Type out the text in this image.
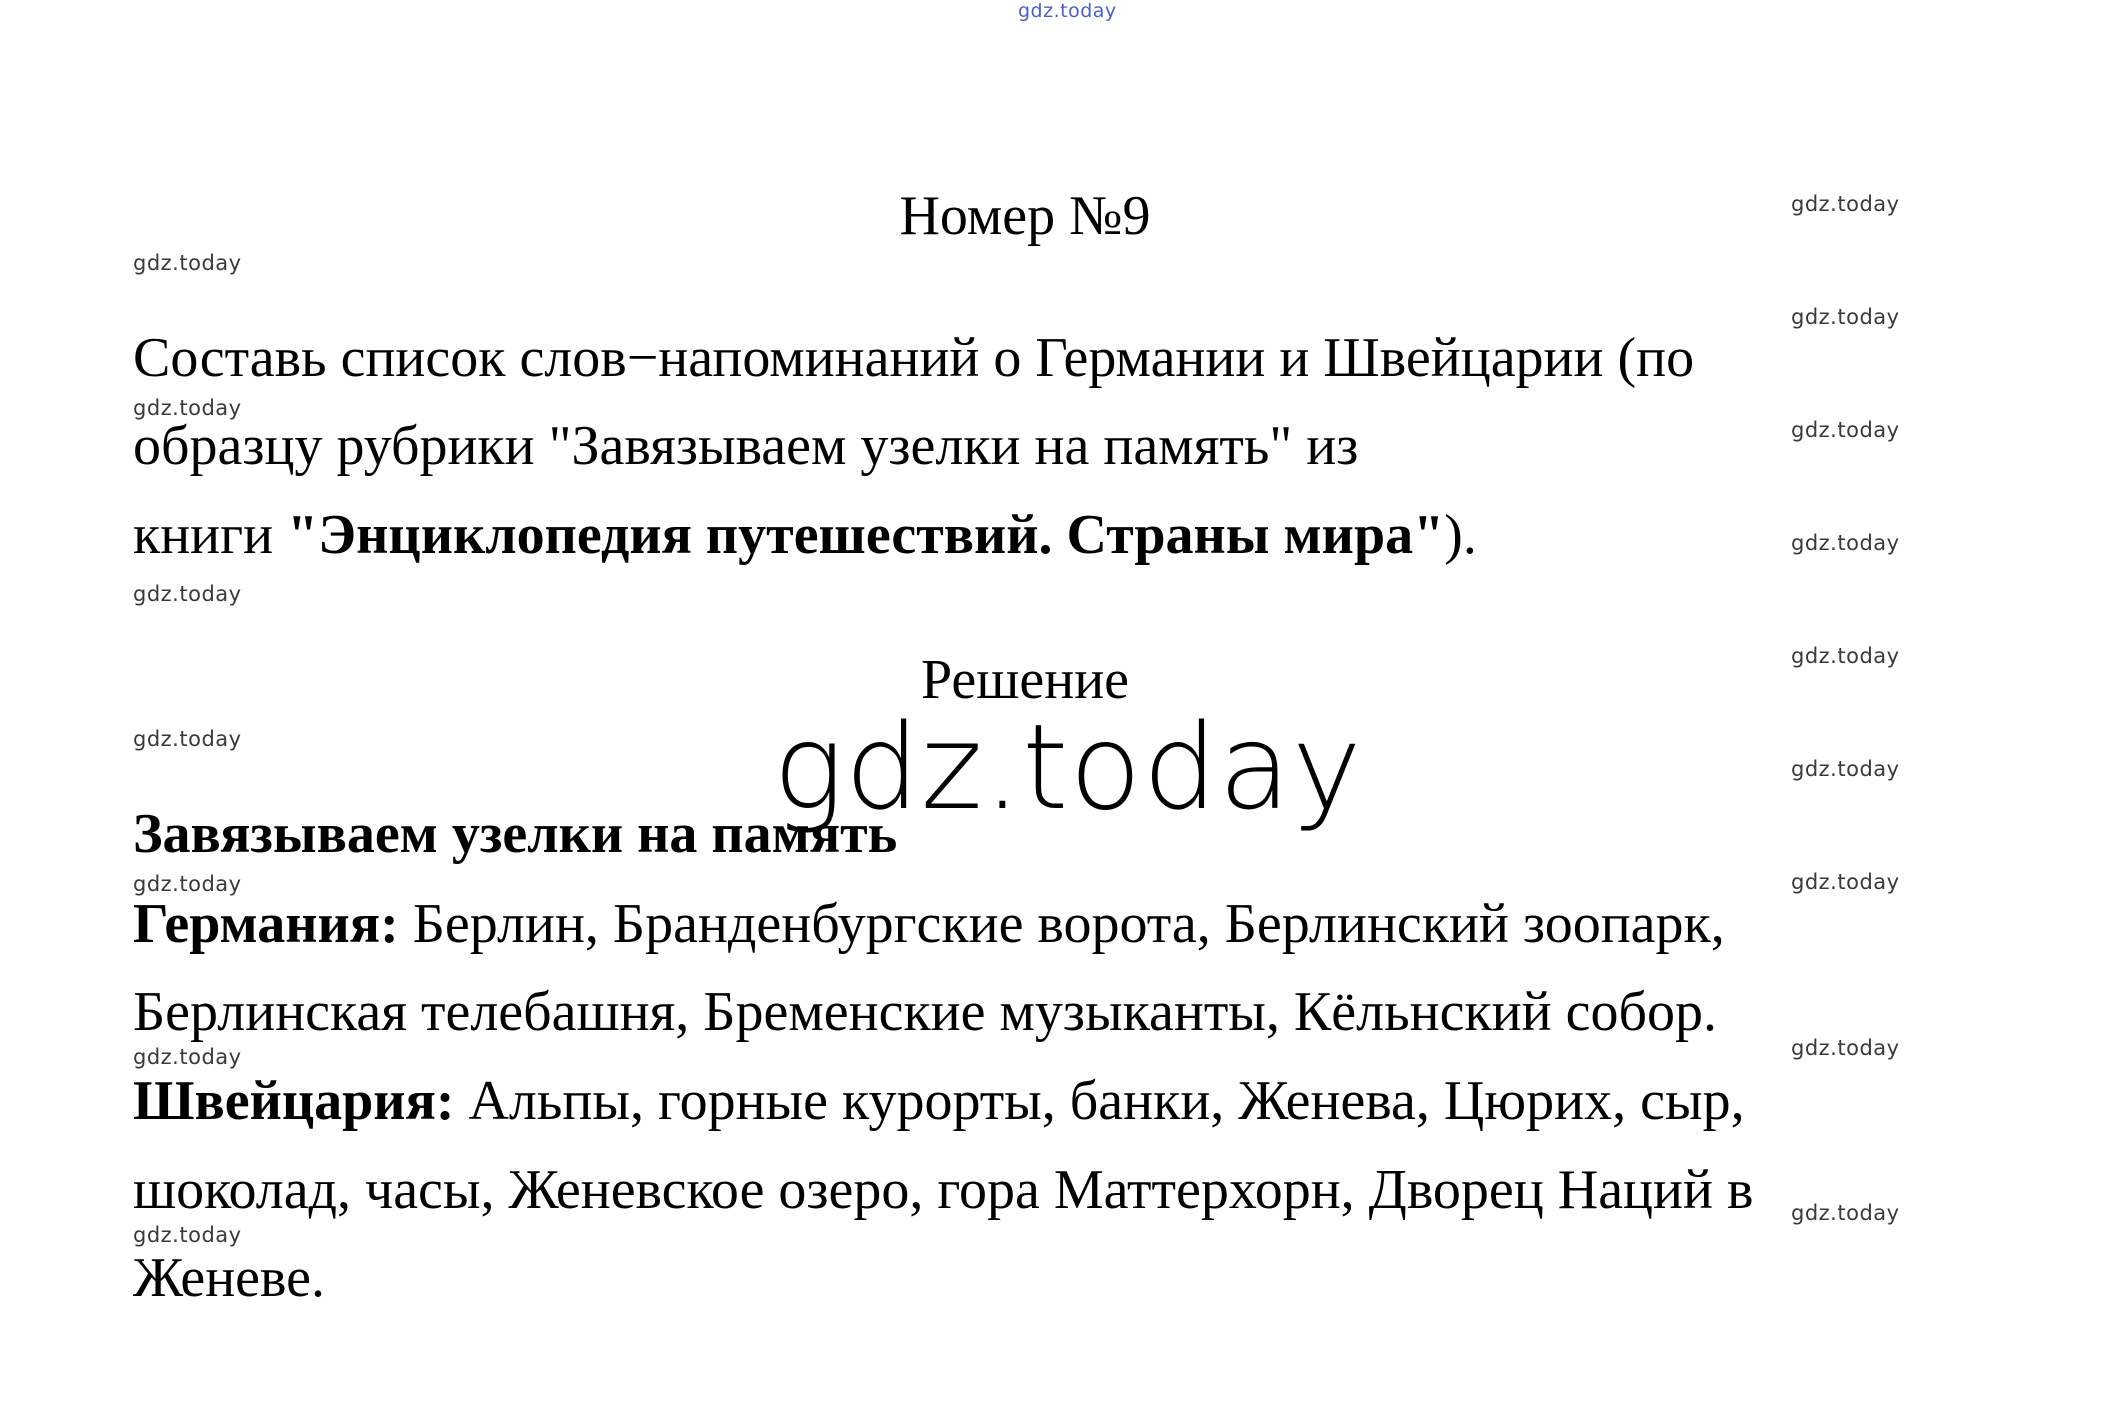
gdz.today
gdz.today
gdz.today
gdz.today
gdz.today
gdz.today
gdz.today
gdz.today
gdz.today
gdz.today
gdz.today
gdz.today
gdz.today
gdz.today
gdz.today
gdz.today
gdz.today
Номер №9
Составь список слов−напоминаний о Германии и Швейцарии (по
образцу рубрики "Завязываем узелки на память" из
книги "Энциклопедия путешествий. Страны мира").
Решение
gdz.today
Завязываем узелки на память
Германия: Берлин, Бранденбургские ворота, Берлинский зоопарк,
Берлинская телебашня, Бременские музыканты, Кёльнский собор.
Швейцария: Альпы, горные курорты, банки, Женева, Цюрих, сыр,
шоколад, часы, Женевское озеро, гора Маттерхорн, Дворец Наций в
Женеве.
